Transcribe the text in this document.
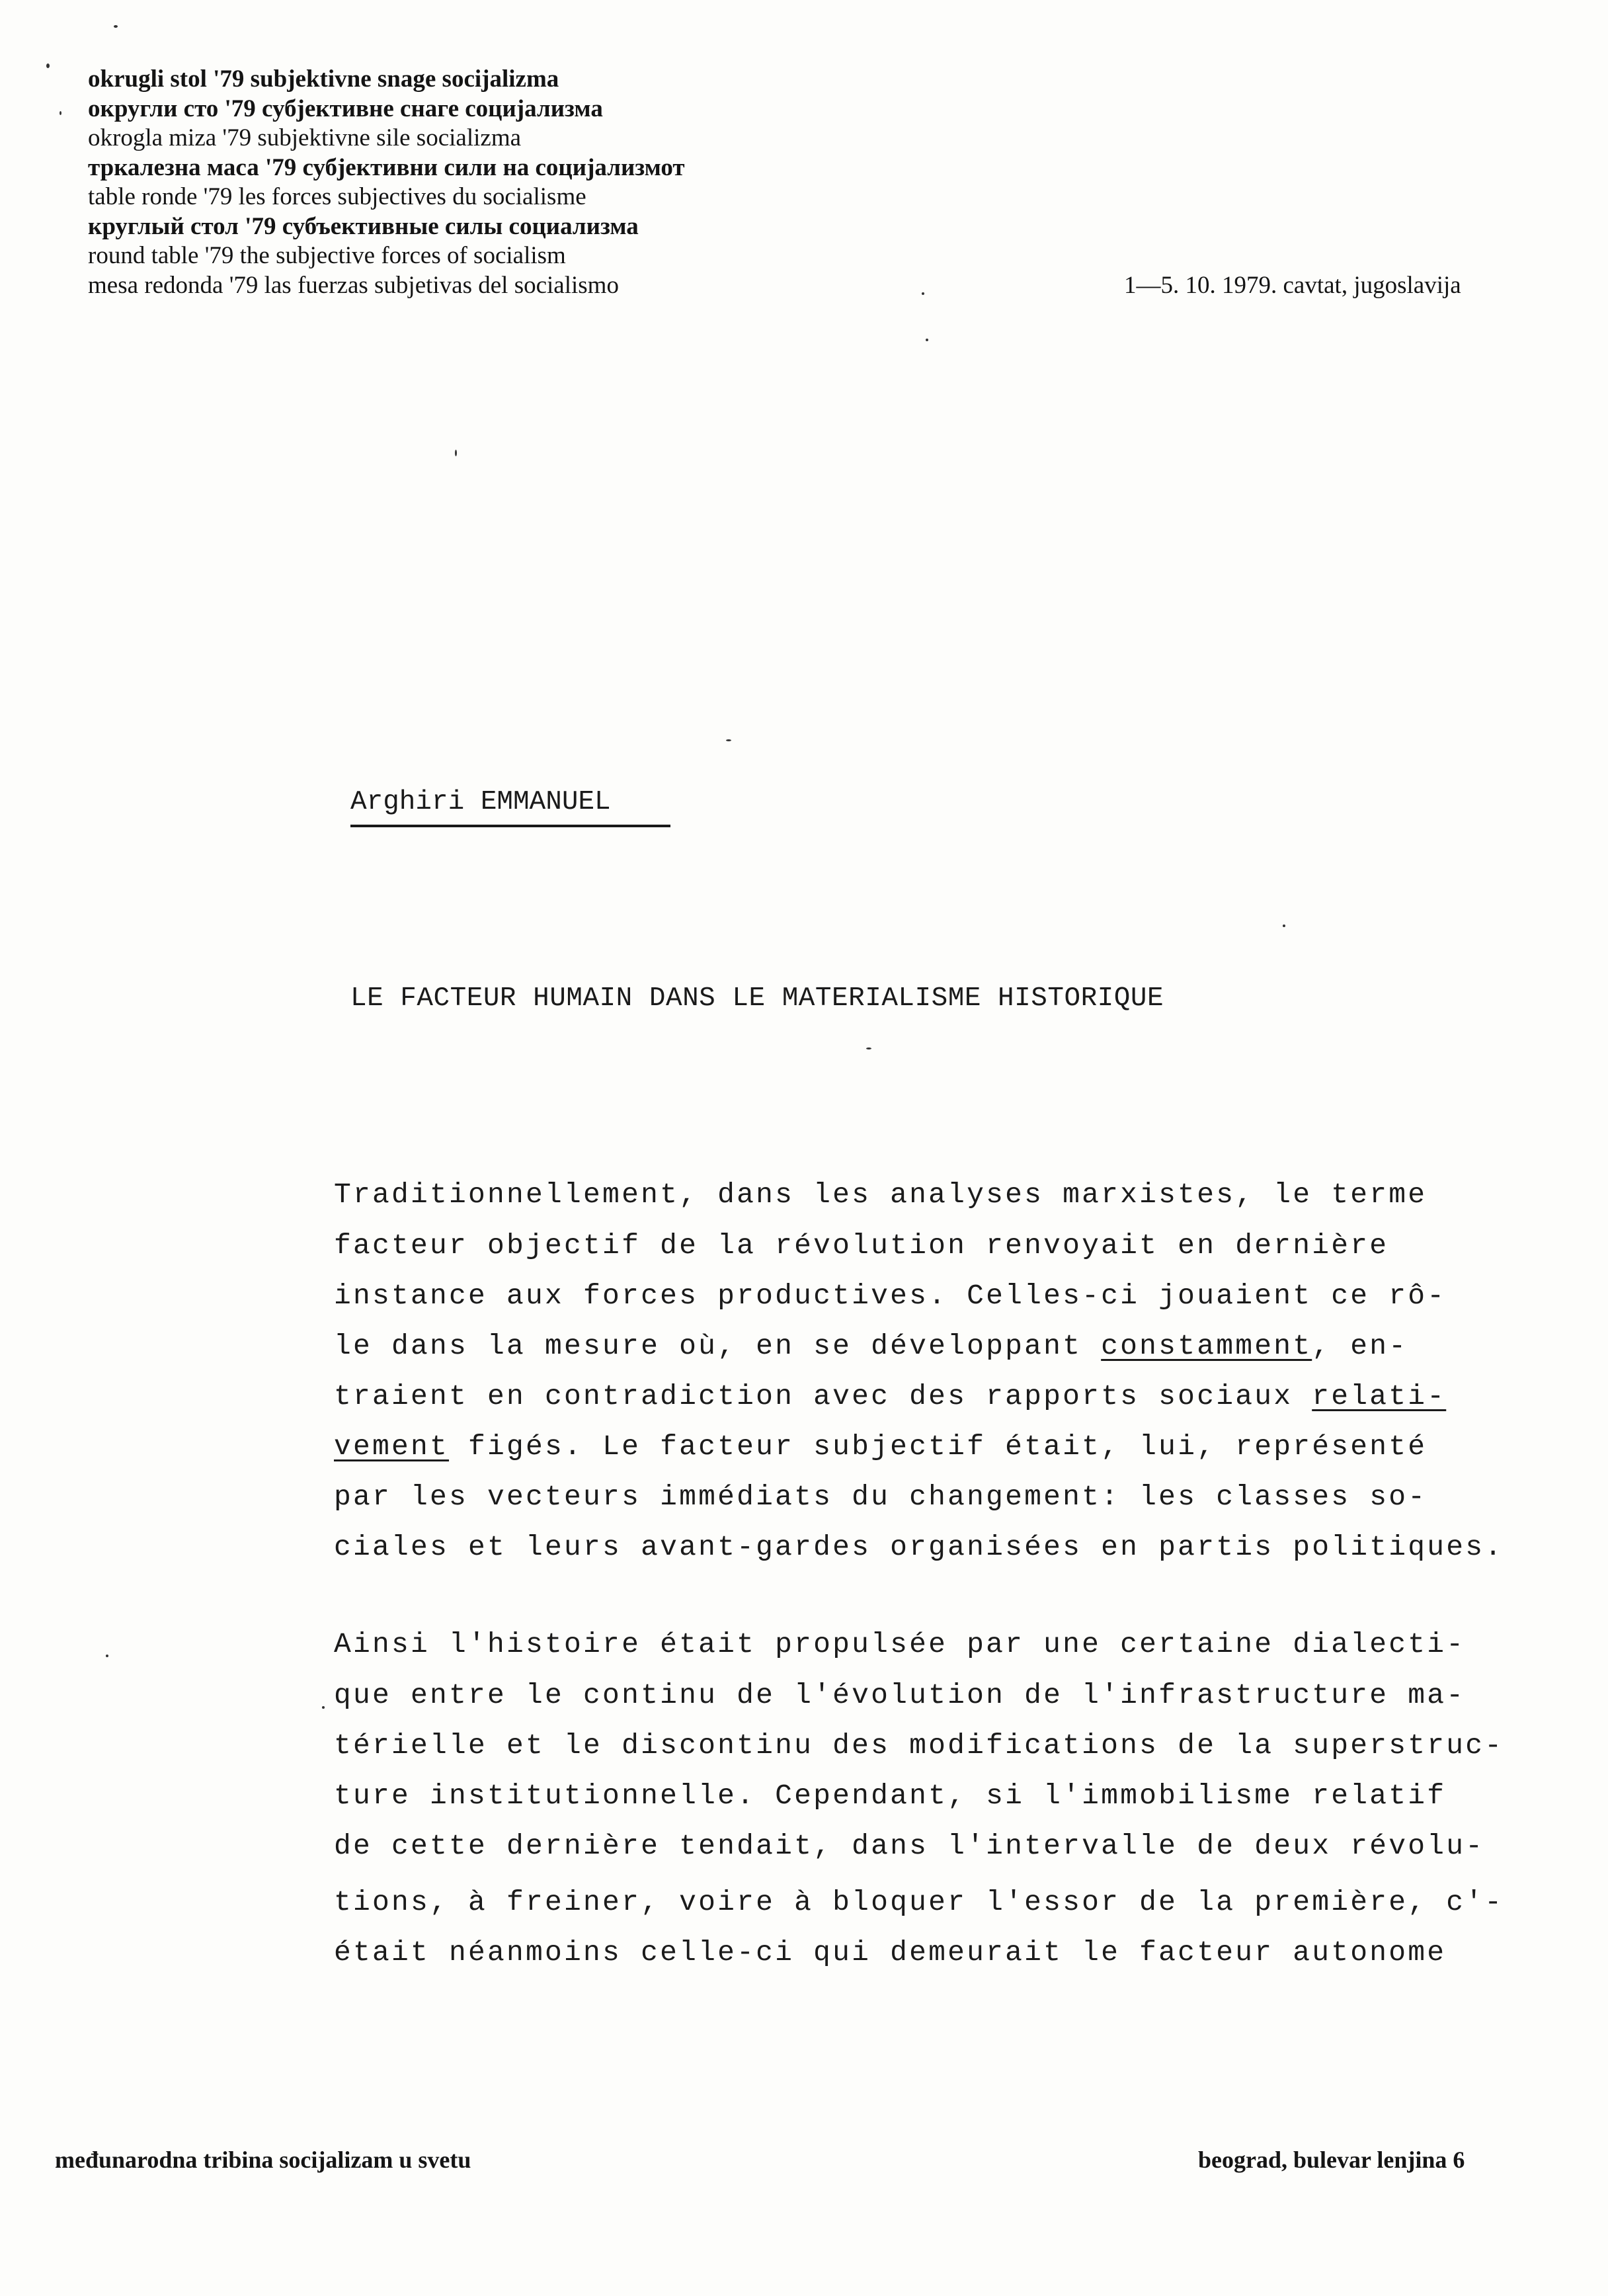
okrugli stol '79 subjektivne snage socijalizma
округли сто '79 субјективне снаге социјализма
okrogla miza '79 subjektivne sile socializma
тркалезна маса '79 субјективни сили на социјализмот
table ronde '79 les forces subjectives du socialisme
круглый стол '79 субъективные силы социализма
round table '79 the subjective forces of socialism
mesa redonda '79 las fuerzas subjetivas del socialismo	1—5. 10. 1979. cavtat, jugoslavija
Arghiri EMMANUEL
LE FACTEUR HUMAIN DANS LE MATERIALISME HISTORIQUE
Traditionnellement, dans les analyses marxistes, le terme
facteur objectif de la révolution renvoyait en dernière
instance aux forces productives. Celles-ci jouaient ce rô-
le dans la mesure où, en se développant constamment, en-
traient en contradiction avec des rapports sociaux relati-
vement figés. Le facteur subjectif était, lui, représenté
par les vecteurs immédiats du changement: les classes so-
ciales et leurs avant-gardes organisées en partis politiques.
Ainsi l'histoire était propulsée par une certaine dialecti-
que entre le continu de l'évolution de l'infrastructure ma-
térielle et le discontinu des modifications de la superstruc-
ture institutionnelle. Cependant, si l'immobilisme relatif
de cette dernière tendait, dans l'intervalle de deux révolu-
tions, à freiner, voire à bloquer l'essor de la première, c'-
était néanmoins celle-ci qui demeurait le facteur autonome
međunarodna tribina socijalizam u svetu	beograd, bulevar lenjina 6
